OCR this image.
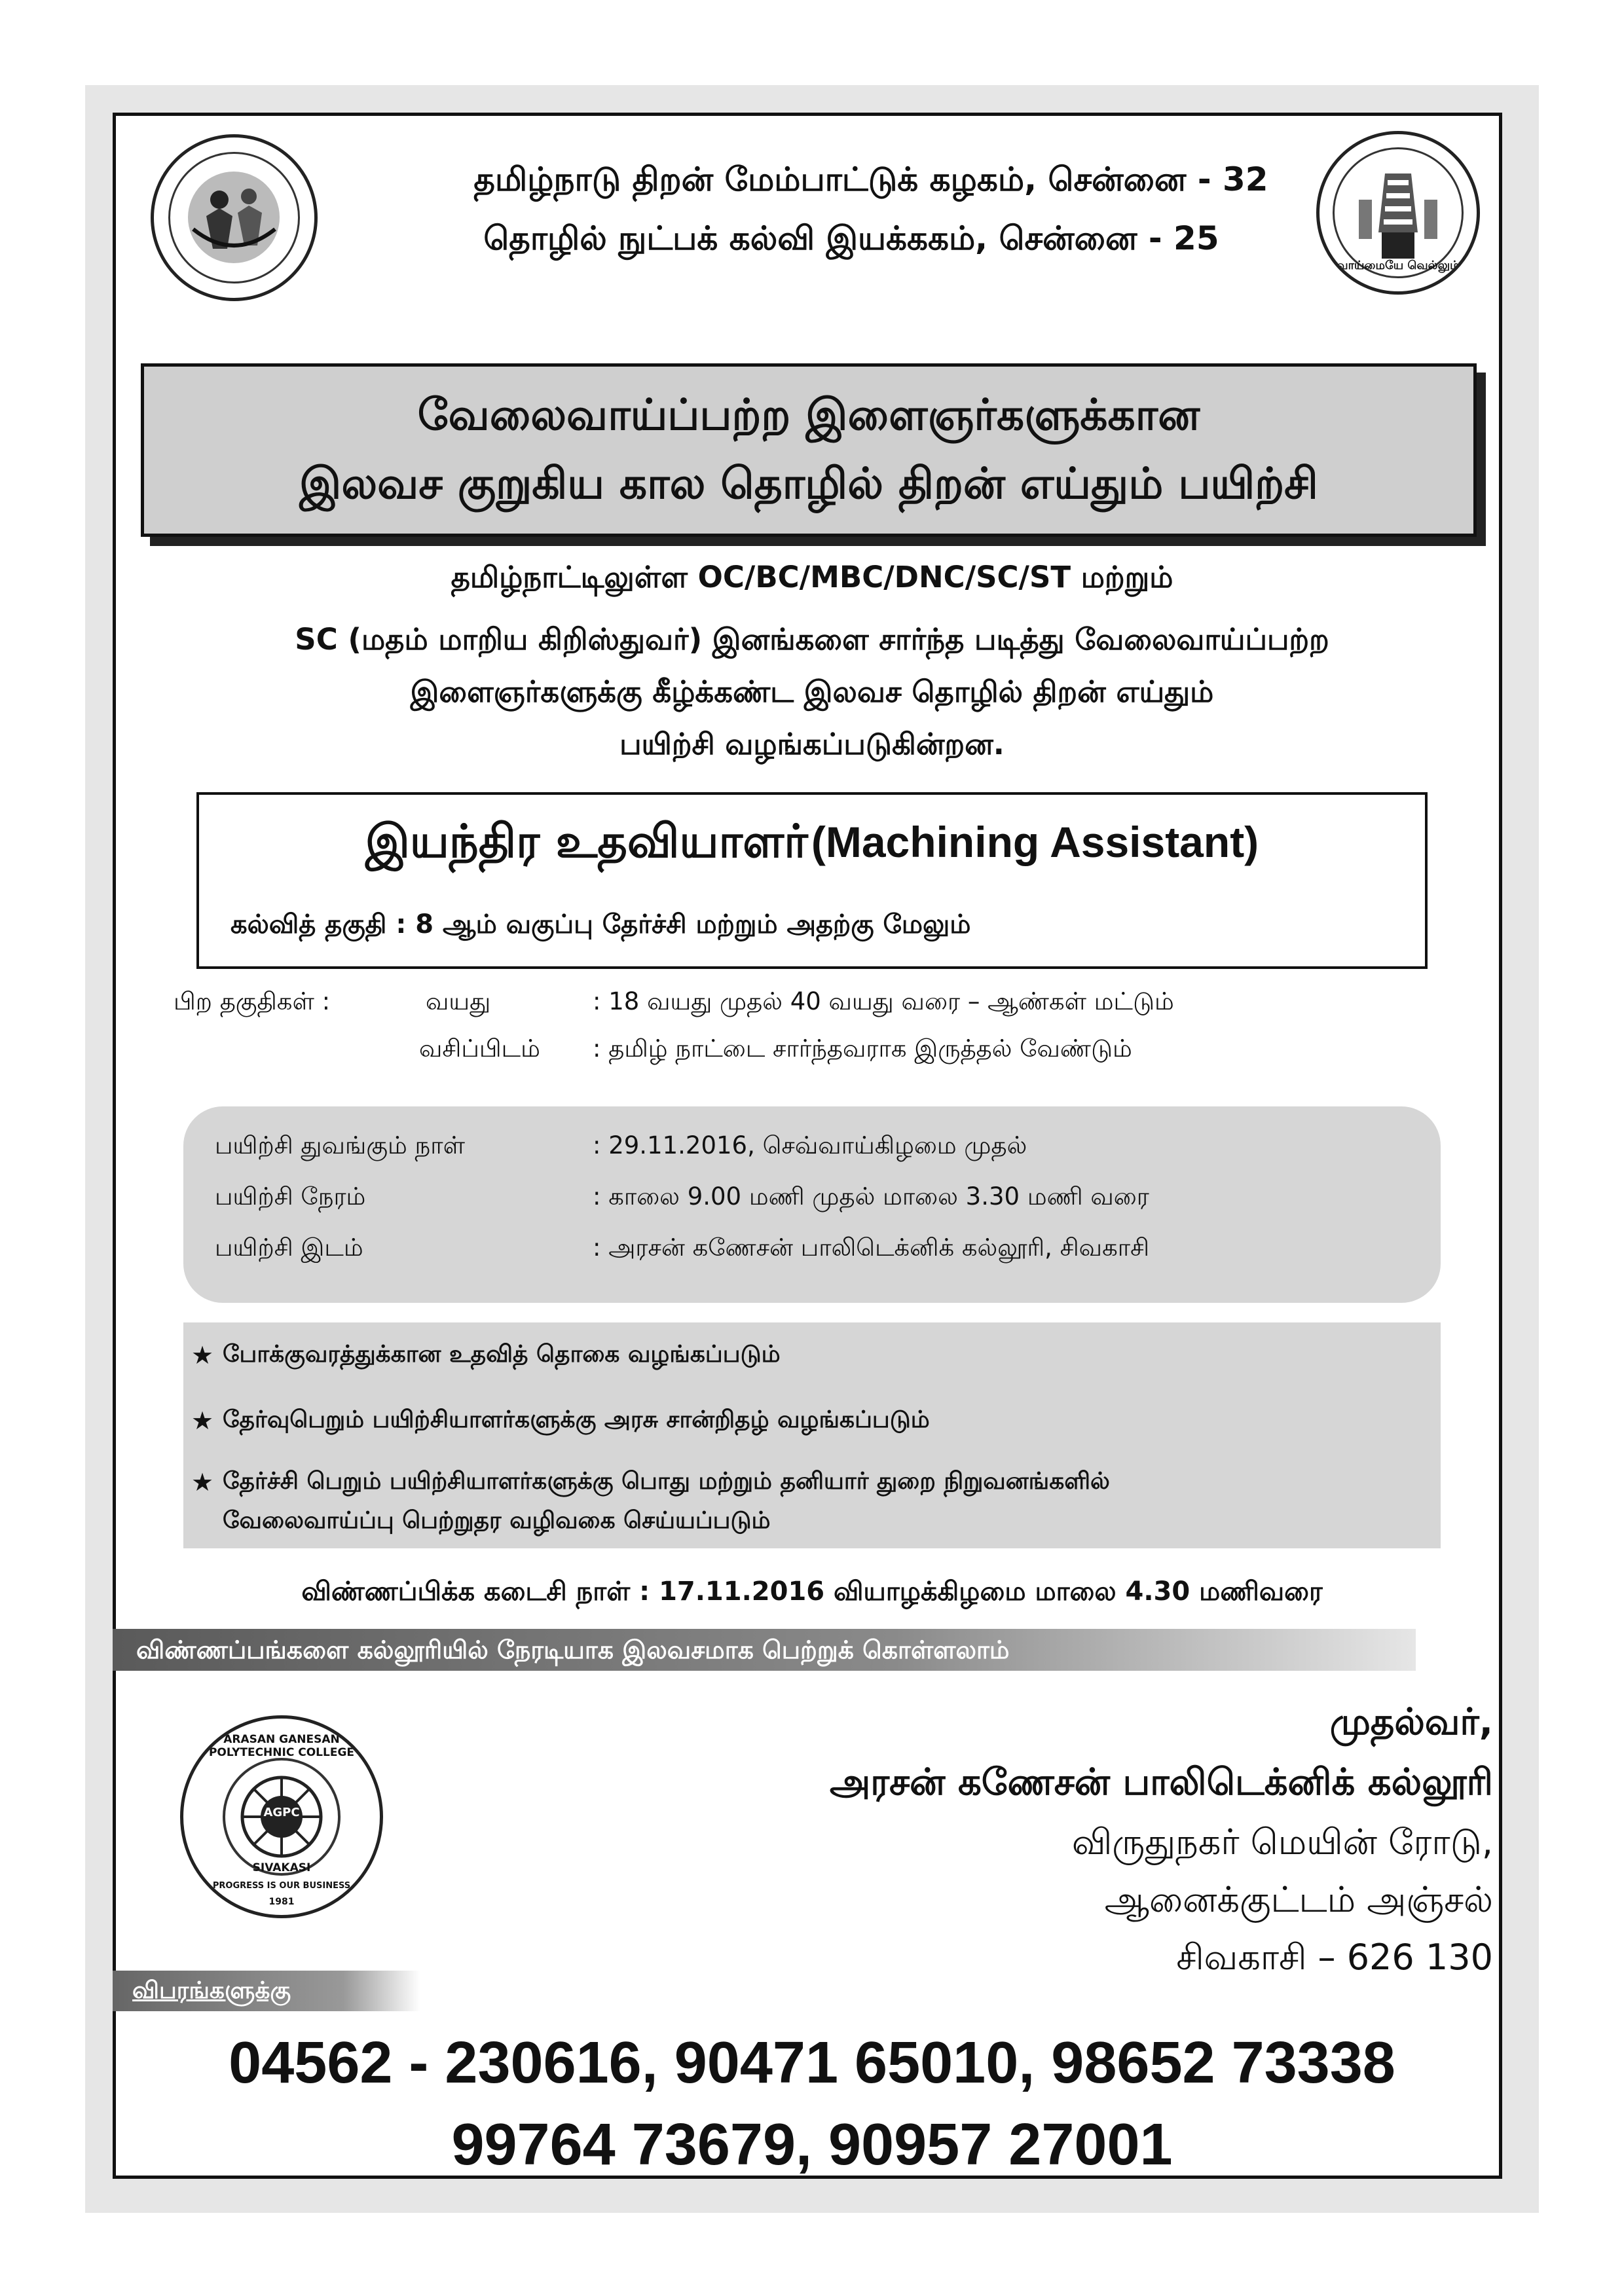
தமிழ்நாடு திறன் மேம்பாட்டுக் கழகம், சென்னை - 32
தொழில் நுட்பக் கல்வி இயக்ககம், சென்னை - 25
வாய்மையே வெல்லும்
வேலைவாய்ப்பற்ற இளைஞர்களுக்கான
இலவச குறுகிய கால தொழில் திறன் எய்தும் பயிற்சி
தமிழ்நாட்டிலுள்ள OC/BC/MBC/DNC/SC/ST மற்றும்
SC (மதம் மாறிய கிறிஸ்துவர்) இனங்களை சார்ந்த படித்து வேலைவாய்ப்பற்ற
இளைஞர்களுக்கு கீழ்க்கண்ட இலவச தொழில் திறன் எய்தும்
பயிற்சி வழங்கப்படுகின்றன.
இயந்திர உதவியாளர் (Machining Assistant)
கல்வித் தகுதி : 8 ஆம் வகுப்பு தேர்ச்சி மற்றும் அதற்கு மேலும்
பிற தகுதிகள் :	வயது	: 18 வயது முதல் 40 வயது வரை – ஆண்கள் மட்டும்
வசிப்பிடம் : தமிழ் நாட்டை சார்ந்தவராக இருத்தல் வேண்டும்
பயிற்சி துவங்கும் நாள்	: 29.11.2016, செவ்வாய்கிழமை முதல்
பயிற்சி நேரம்	: காலை 9.00 மணி முதல் மாலை 3.30 மணி வரை
பயிற்சி இடம்	: அரசன் கணேசன் பாலிடெக்னிக் கல்லூரி, சிவகாசி
★ போக்குவரத்துக்கான உதவித் தொகை வழங்கப்படும்
★ தேர்வுபெறும் பயிற்சியாளர்களுக்கு அரசு சான்றிதழ் வழங்கப்படும்
★ தேர்ச்சி பெறும் பயிற்சியாளர்களுக்கு பொது மற்றும் தனியார் துறை நிறுவனங்களில்
வேலைவாய்ப்பு பெற்றுதர வழிவகை செய்யப்படும்
விண்ணப்பிக்க கடைசி நாள் : 17.11.2016 வியாழக்கிழமை மாலை 4.30 மணிவரை
விண்ணப்பங்களை கல்லூரியில் நேரடியாக இலவசமாக பெற்றுக் கொள்ளலாம்
ARASAN GANESAN POLYTECHNIC COLLEGE
AGPC
SIVAKASI
PROGRESS IS OUR BUSINESS
1981
முதல்வர்,
அரசன் கணேசன் பாலிடெக்னிக் கல்லூரி
விருதுநகர் மெயின் ரோடு,
ஆனைக்குட்டம் அஞ்சல்
சிவகாசி – 626 130
விபரங்களுக்கு
04562 - 230616, 90471 65010, 98652 73338
99764 73679, 90957 27001
